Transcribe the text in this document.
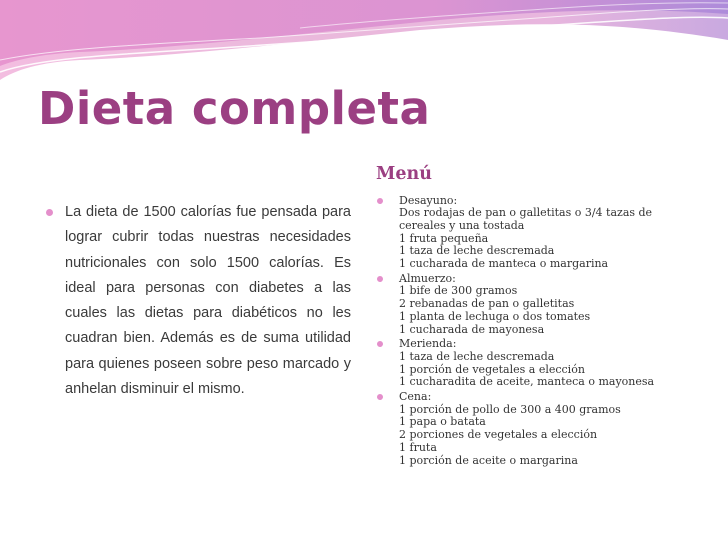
Dieta completa

La dieta de 1500 calorías fue pensada para lograr cubrir todas nuestras necesidades nutricionales con solo 1500 calorías. Es ideal para personas con diabetes a las cuales las dietas para diabéticos no les cuadran bien. Además es de suma utilidad para quienes poseen sobre peso marcado y anhelan disminuir el mismo.

Menú
Desayuno:
Dos rodajas de pan o galletitas o 3/4 tazas de
cereales y una tostada
1 fruta pequeña
1 taza de leche descremada
1 cucharada de manteca o margarina
Almuerzo:
1 bife de 300 gramos
2 rebanadas de pan o galletitas
1 planta de lechuga o dos tomates
1 cucharada de mayonesa
Merienda:
1 taza de leche descremada
1 porción de vegetales a elección
1 cucharadita de aceite, manteca o mayonesa
Cena:
1 porción de pollo de 300 a 400 gramos
1 papa o batata
2 porciones de vegetales a elección
1 fruta
1 porción de aceite o margarina
